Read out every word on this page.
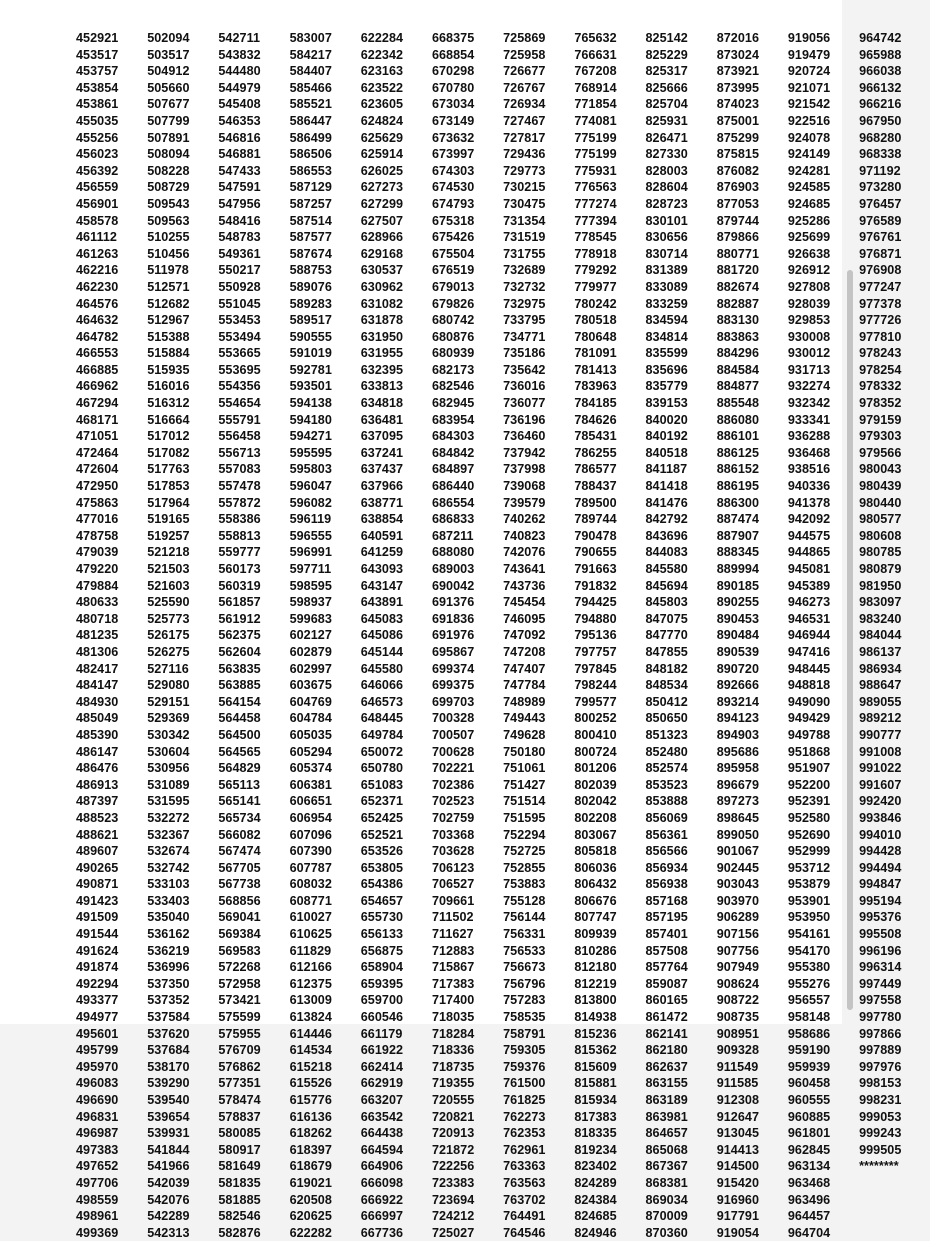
452921
453517
453757
453854
453861
455035
455256
456023
456392
456559
456901
458578
461112
461263
462216
462230
464576
464632
464782
466553
466885
466962
467294
468171
471051
472464
472604
472950
475863
477016
478758
479039
479220
479884
480633
480718
481235
481306
482417
484147
484930
485049
485390
486147
486476
486913
487397
488523
488621
489607
490265
490871
491423
491509
491544
491624
491874
492294
493377
494977
495601
495799
495970
496083
496690
496831
496987
497383
497652
497706
498559
498961
499369
502094
503517
504912
505660
507677
507799
507891
508094
508228
508729
509543
509563
510255
510456
511978
512571
512682
512967
515388
515884
515935
516016
516312
516664
517012
517082
517763
517853
517964
519165
519257
521218
521503
521603
525590
525773
526175
526275
527116
529080
529151
529369
530342
530604
530956
531089
531595
532272
532367
532674
532742
533103
533403
535040
536162
536219
536996
537350
537352
537584
537620
537684
538170
539290
539540
539654
539931
541844
541966
542039
542076
542289
542313
542711
543832
544480
544979
545408
546353
546816
546881
547433
547591
547956
548416
548783
549361
550217
550928
551045
553453
553494
553665
553695
554356
554654
555791
556458
556713
557083
557478
557872
558386
558813
559777
560173
560319
561857
561912
562375
562604
563835
563885
564154
564458
564500
564565
564829
565113
565141
565734
566082
567474
567705
567738
568856
569041
569384
569583
572268
572958
573421
575599
575955
576709
576862
577351
578474
578837
580085
580917
581649
581835
581885
582546
582876
583007
584217
584407
585466
585521
586447
586499
586506
586553
587129
587257
587514
587577
587674
588753
589076
589283
589517
590555
591019
592781
593501
594138
594180
594271
595595
595803
596047
596082
596119
596555
596991
597711
598595
598937
599683
602127
602879
602997
603675
604769
604784
605035
605294
605374
606381
606651
606954
607096
607390
607787
608032
608771
610027
610625
611829
612166
612375
613009
613824
614446
614534
615218
615526
615776
616136
618262
618397
618679
619021
620508
620625
622282
622284
622342
623163
623522
623605
624824
625629
625914
626025
627273
627299
627507
628966
629168
630537
630962
631082
631878
631950
631955
632395
633813
634818
636481
637095
637241
637437
637966
638771
638854
640591
641259
643093
643147
643891
645083
645086
645144
645580
646066
646573
648445
649784
650072
650780
651083
652371
652425
652521
653526
653805
654386
654657
655730
656133
656875
658904
659395
659700
660546
661179
661922
662414
662919
663207
663542
664438
664594
664906
666098
666922
666997
667736
668375
668854
670298
670780
673034
673149
673632
673997
674303
674530
674793
675318
675426
675504
676519
679013
679826
680742
680876
680939
682173
682546
682945
683954
684303
684842
684897
686440
686554
686833
687211
688080
689003
690042
691376
691836
691976
695867
699374
699375
699703
700328
700507
700628
702221
702386
702523
702759
703368
703628
706123
706527
709661
711502
711627
712883
715867
717383
717400
718035
718284
718336
718735
719355
720555
720821
720913
721872
722256
723383
723694
724212
725027
725869
725958
726677
726767
726934
727467
727817
729436
729773
730215
730475
731354
731519
731755
732689
732732
732975
733795
734771
735186
735642
736016
736077
736196
736460
737942
737998
739068
739579
740262
740823
742076
743641
743736
745454
746095
747092
747208
747407
747784
748989
749443
749628
750180
751061
751427
751514
751595
752294
752725
752855
753883
755128
756144
756331
756533
756673
756796
757283
758535
758791
759305
759376
761500
761825
762273
762353
762961
763363
763563
763702
764491
764546
765632
766631
767208
768914
771854
774081
775199
775199
775931
776563
777274
777394
778545
778918
779292
779977
780242
780518
780648
781091
781413
783963
784185
784626
785431
786255
786577
788437
789500
789744
790478
790655
791663
791832
794425
794880
795136
797757
797845
798244
799577
800252
800410
800724
801206
802039
802042
802208
803067
805818
806036
806432
806676
807747
809939
810286
812180
812219
813800
814938
815236
815362
815609
815881
815934
817383
818335
819234
823402
824289
824384
824685
824946
825142
825229
825317
825666
825704
825931
826471
827330
828003
828604
828723
830101
830656
830714
831389
833089
833259
834594
834814
835599
835696
835779
839153
840020
840192
840518
841187
841418
841476
842792
843696
844083
845580
845694
845803
847075
847770
847855
848182
848534
850412
850650
851323
852480
852574
853523
853888
856069
856361
856566
856934
856938
857168
857195
857401
857508
857764
859087
860165
861472
862141
862180
862637
863155
863189
863981
864657
865068
867367
868381
869034
870009
870360
872016
873024
873921
873995
874023
875001
875299
875815
876082
876903
877053
879744
879866
880771
881720
882674
882887
883130
883863
884296
884584
884877
885548
886080
886101
886125
886152
886195
886300
887474
887907
888345
889994
890185
890255
890453
890484
890539
890720
892666
893214
894123
894903
895686
895958
896679
897273
898645
899050
901067
902445
903043
903970
906289
907156
907756
907949
908624
908722
908735
908951
909328
911549
911585
912308
912647
913045
914413
914500
915420
916960
917791
919054
919056
919479
920724
921071
921542
922516
924078
924149
924281
924585
924685
925286
925699
926638
926912
927808
928039
929853
930008
930012
931713
932274
932342
933341
936288
936468
938516
940336
941378
942092
944575
944865
945081
945389
946273
946531
946944
947416
948445
948818
949090
949429
949788
951868
951907
952200
952391
952580
952690
952999
953712
953879
953901
953950
954161
954170
955380
955276
956557
958148
958686
959190
959939
960458
960555
960885
961801
962845
963134
963468
963496
964457
964704
964742
965988
966038
966132
966216
967950
968280
968338
971192
973280
976457
976589
976761
976871
976908
977247
977378
977726
977810
978243
978254
978332
978352
979159
979303
979566
980043
980439
980440
980577
980608
980785
980879
981950
983097
983240
984044
986137
986934
988647
989055
989212
990777
991008
991022
991607
992420
993846
994010
994428
994494
994847
995194
995376
995508
996196
996314
997449
997558
997780
997866
997889
997976
998153
998231
999053
999243
999505
********
